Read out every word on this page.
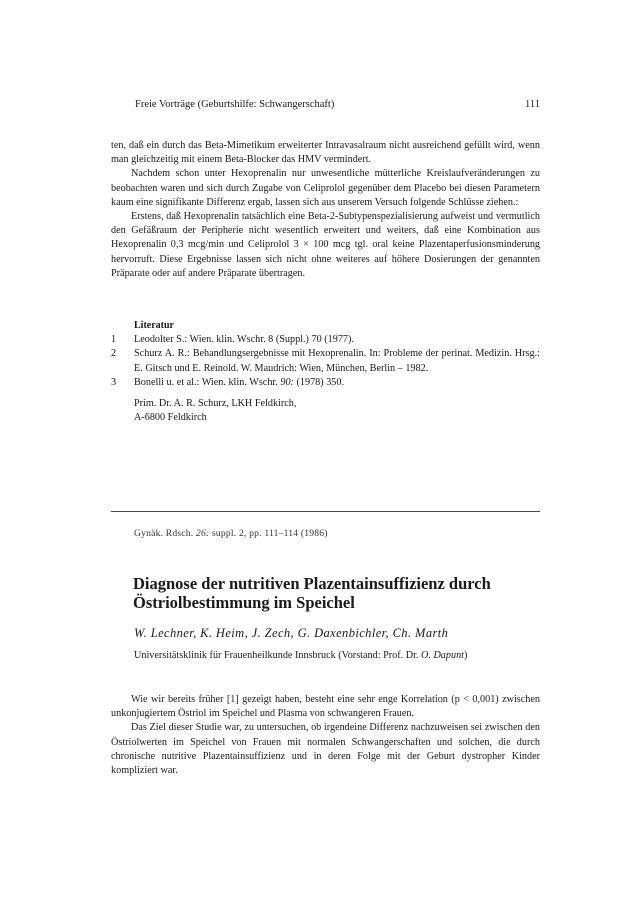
Freie Vorträge (Geburtshilfe: Schwangerschaft)	111

ten, daß ein durch das Beta-Mimetikum erweiterter Intravasalraum nicht ausreichend gefüllt wird, wenn man gleichzeitig mit einem Beta-Blocker das HMV vermindert.

Nachdem schon unter Hexoprenalin nur unwesentliche mütterliche Kreislaufveränderungen zu beobachten waren und sich durch Zugabe von Celiprolol gegenüber dem Placebo bei diesen Parametern kaum eine signifikante Differenz ergab, lassen sich aus unserem Versuch folgende Schlüsse ziehen.:

Erstens, daß Hexoprenalin tatsächlich eine Beta-2-Subtypenspezialisierung aufweist und vermutlich den Gefäßraum der Peripherie nicht wesentlich erweitert und weiters, daß eine Kombination aus Hexoprenalin 0,3 mcg/min und Celiprolol 3 × 100 mcg tgl. oral keine Plazentaperfusionsminderung hervorruft. Diese Ergebnisse lassen sich nicht ohne weiteres auf höhere Dosierungen der genannten Präparate oder auf andere Präparate übertragen.

Literatur
1	Leodolter S.: Wien. klin. Wschr. 8 (Suppl.) 70 (1977).
2	Schurz A. R.: Behandlungsergebnisse mit Hexoprenalin. In: Probleme der perinat. Medizin. Hrsg.: E. Gitsch und E. Reinold. W. Maudrich: Wien, München, Berlin – 1982.
3	Bonelli u. et al.: Wien. klin. Wschr. 90: (1978) 350.
Prim. Dr. A. R. Schurz, LKH Feldkirch,
A-6800 Feldkirch
Gynäk. Rdsch. 26: suppl. 2, pp. 111–114 (1986)
Diagnose der nutritiven Plazentainsuffizienz durch Östriolbestimmung im Speichel
W. Lechner, K. Heim, J. Zech, G. Daxenbichler, Ch. Marth
Universitätsklinik für Frauenheilkunde Innsbruck (Vorstand: Prof. Dr. O. Dapunt)

Wie wir bereits früher [1] gezeigt haben, besteht eine sehr enge Korrelation (p < 0,001) zwischen unkonjugiertem Östriol im Speichel und Plasma von schwangeren Frauen.

Das Ziel dieser Studie war, zu untersuchen, ob irgendeine Differenz nachzuweisen sei zwischen den Östriolwerten im Speichel von Frauen mit normalen Schwangerschaften und solchen, die durch chronische nutritive Plazentainsuffizienz und in deren Folge mit der Geburt dystropher Kinder kompliziert war.
